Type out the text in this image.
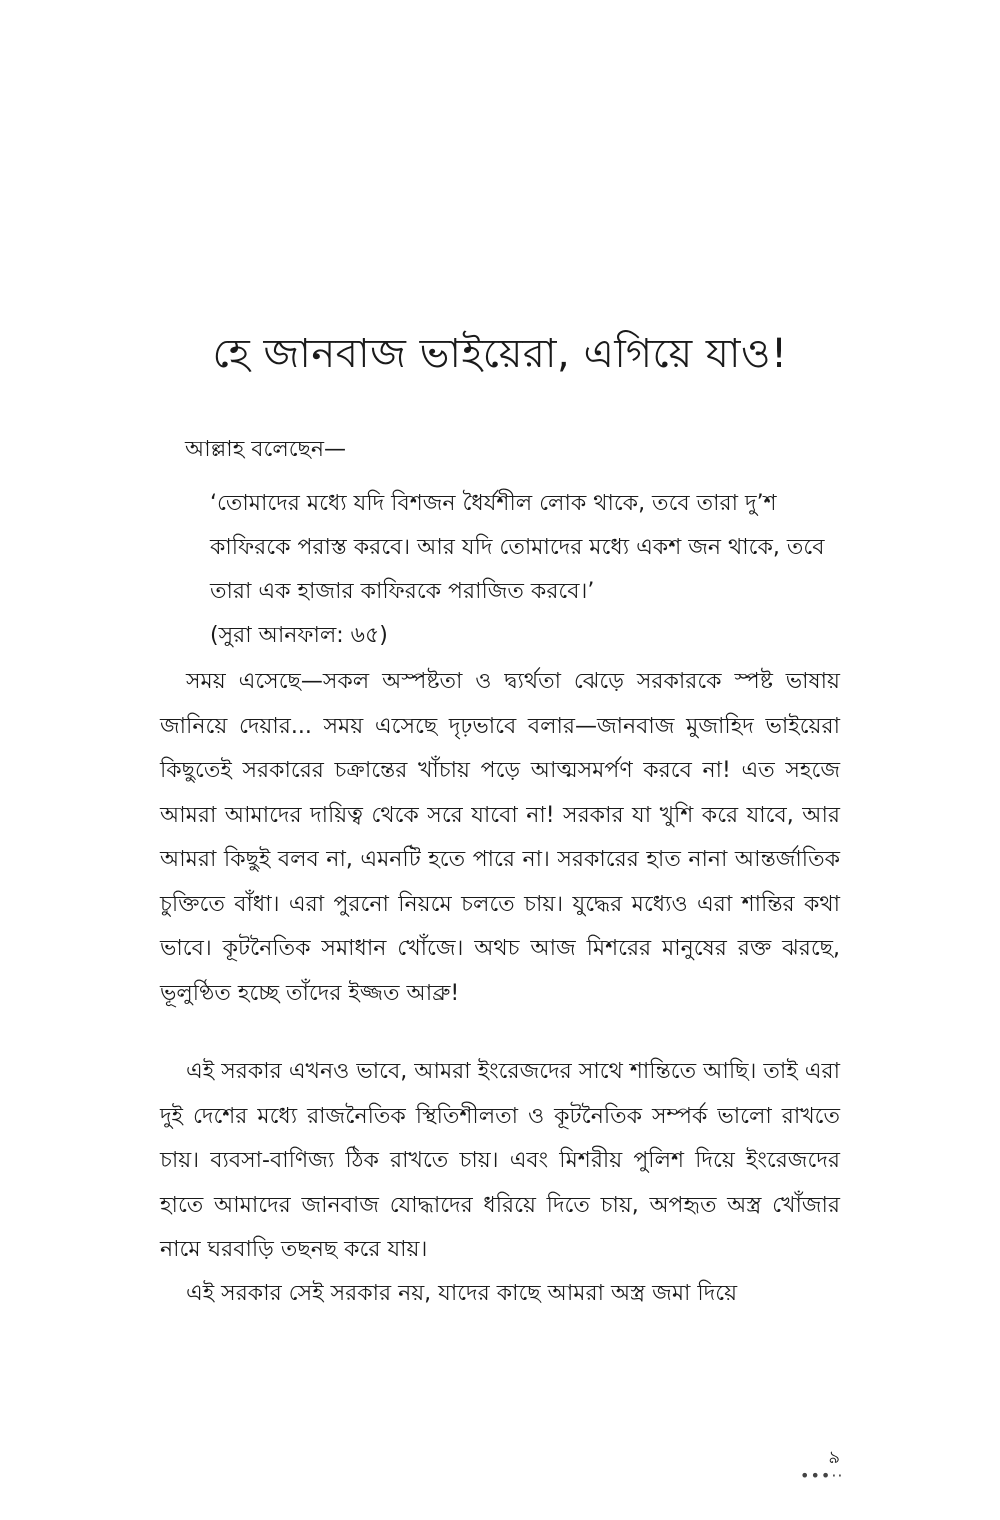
হে জানবাজ ভাইয়েরা, এগিয়ে যাও!

আল্লাহ বলেছেন—

‘তোমাদের মধ্যে যদি বিশজন ধৈর্যশীল লোক থাকে, তবে তারা দু’শ কাফিরকে পরাস্ত করবে। আর যদি তোমাদের মধ্যে একশ জন থাকে, তবে তারা এক হাজার কাফিরকে পরাজিত করবে।’

(সুরা আনফাল: ৬৫)

সময় এসেছে—সকল অস্পষ্টতা ও দ্ব্যর্থতা ঝেড়ে সরকারকে স্পষ্ট ভাষায় জানিয়ে দেয়ার... সময় এসেছে দৃঢ়ভাবে বলার—জানবাজ মুজাহিদ ভাইয়েরা কিছুতেই সরকারের চক্রান্তের খাঁচায় পড়ে আত্মসমর্পণ করবে না! এত সহজে আমরা আমাদের দায়িত্ব থেকে সরে যাবো না! সরকার যা খুশি করে যাবে, আর আমরা কিছুই বলব না, এমনটি হতে পারে না। সরকারের হাত নানা আন্তর্জাতিক চুক্তিতে বাঁধা। এরা পুরনো নিয়মে চলতে চায়। যুদ্ধের মধ্যেও এরা শান্তির কথা ভাবে। কূটনৈতিক সমাধান খোঁজে। অথচ আজ মিশরের মানুষের রক্ত ঝরছে, ভূলুণ্ঠিত হচ্ছে তাঁদের ইজ্জত আব্রু!

এই সরকার এখনও ভাবে, আমরা ইংরেজদের সাথে শান্তিতে আছি। তাই এরা দুই দেশের মধ্যে রাজনৈতিক স্থিতিশীলতা ও কূটনৈতিক সম্পর্ক ভালো রাখতে চায়। ব্যবসা-বাণিজ্য ঠিক রাখতে চায়। এবং মিশরীয় পুলিশ দিয়ে ইংরেজদের হাতে আমাদের জানবাজ যোদ্ধাদের ধরিয়ে দিতে চায়, অপহৃত অস্ত্র খোঁজার নামে ঘরবাড়ি তছনছ করে যায়।

এই সরকার সেই সরকার নয়, যাদের কাছে আমরা অস্ত্র জমা দিয়ে

৯
•••··
